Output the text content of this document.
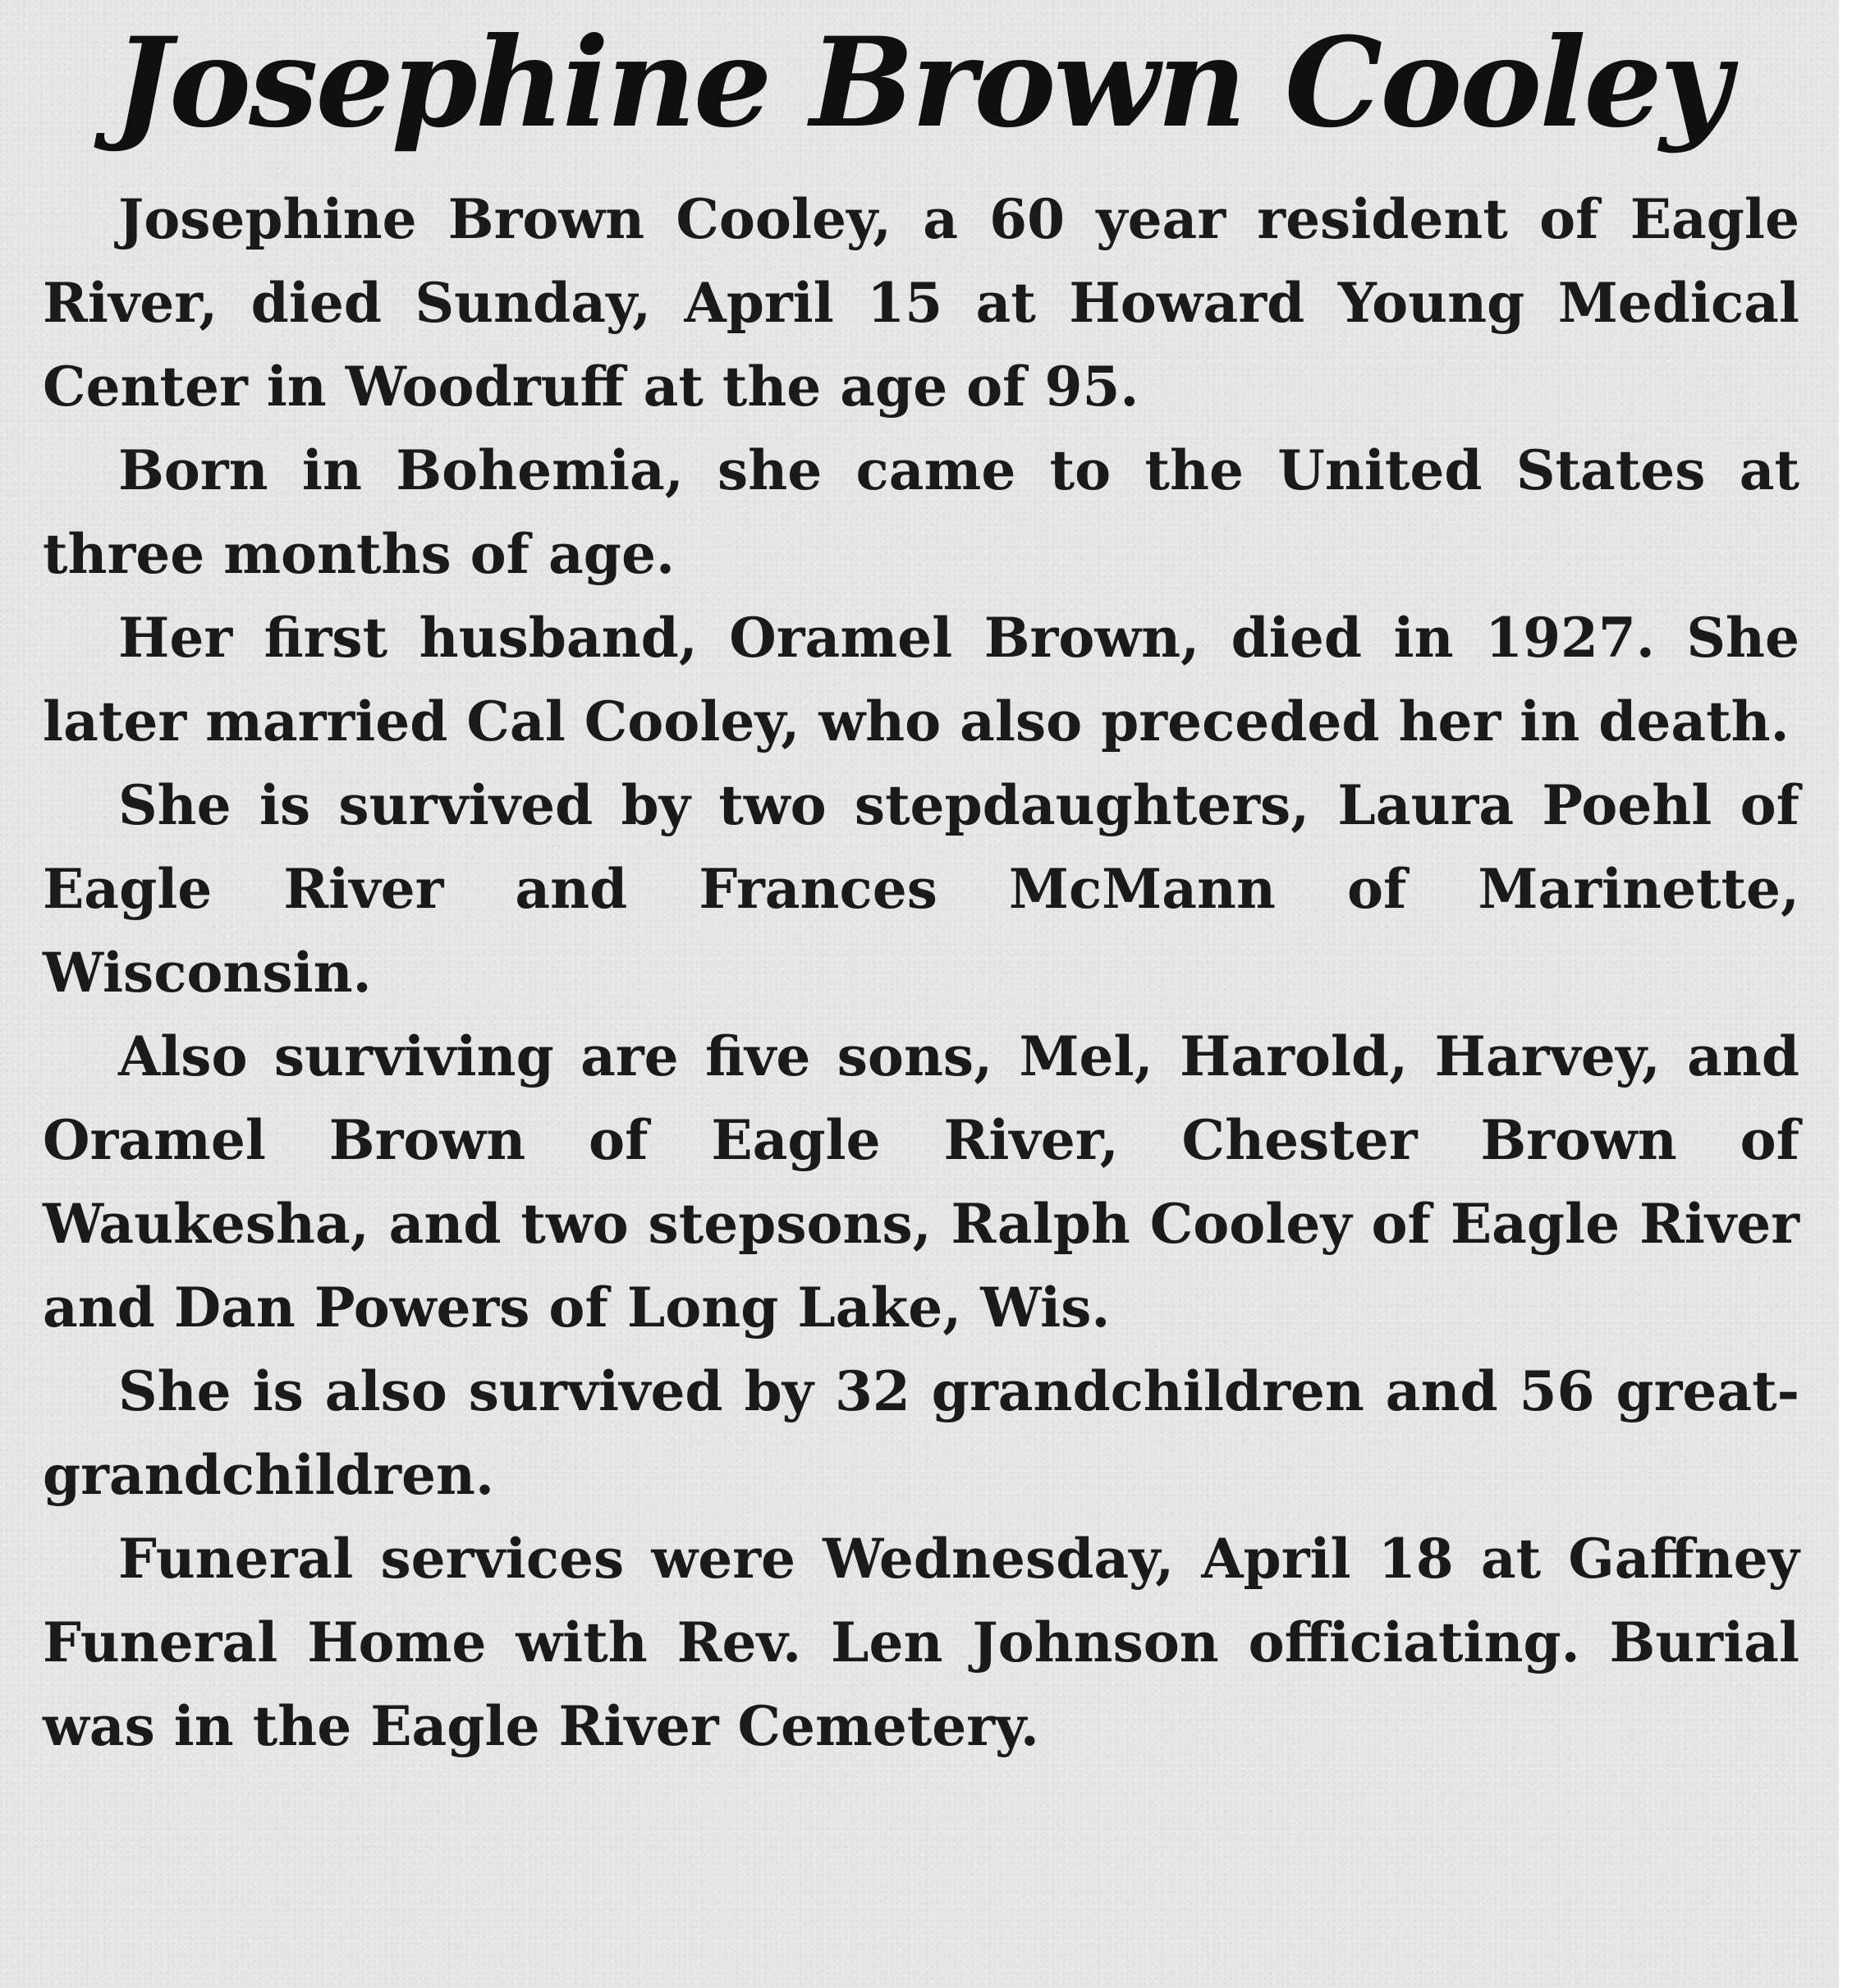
Josephine Brown Cooley

Josephine Brown Cooley, a 60 year resident of Eagle River, died Sunday, April 15 at Howard Young Medical Center in Woodruff at the age of 95.

Born in Bohemia, she came to the United States at three months of age.

Her first husband, Oramel Brown, died in 1927. She later married Cal Cooley, who also preceded her in death.

She is survived by two stepdaughters, Laura Poehl of Eagle River and Frances McMann of Marinette, Wisconsin.

Also surviving are five sons, Mel, Harold, Harvey, and Oramel Brown of Eagle River, Chester Brown of Waukesha, and two stepsons, Ralph Cooley of Eagle River and Dan Powers of Long Lake, Wis.

She is also survived by 32 grandchildren and 56 great-grandchildren.

Funeral services were Wednesday, April 18 at Gaffney Funeral Home with Rev. Len Johnson officiating. Burial was in the Eagle River Cemetery.
